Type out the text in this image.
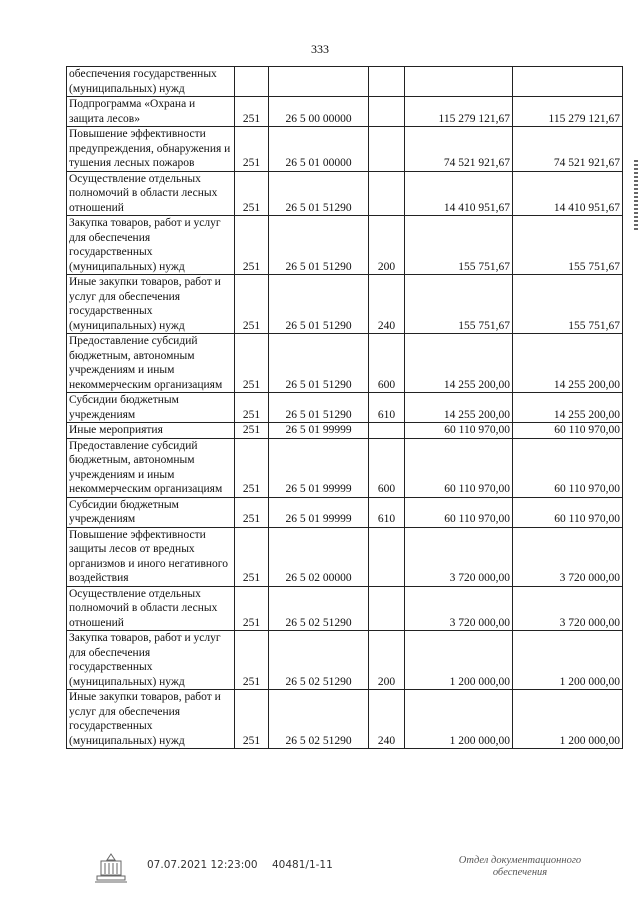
333
обеспечения государственных (муниципальных) нужд					
Подпрограмма «Охрана и защита лесов»	251	26 5 00 00000		115 279 121,67	115 279 121,67
Повышение эффективности предупреждения, обнаружения и тушения лесных пожаров	251	26 5 01 00000		74 521 921,67	74 521 921,67
Осуществление отдельных полномочий в области лесных отношений	251	26 5 01 51290		14 410 951,67	14 410 951,67
Закупка товаров, работ и услуг для обеспечения государственных (муниципальных) нужд	251	26 5 01 51290	200	155 751,67	155 751,67
Иные закупки товаров, работ и услуг для обеспечения государственных (муниципальных) нужд	251	26 5 01 51290	240	155 751,67	155 751,67
Предоставление субсидий бюджетным, автономным учреждениям и иным некоммерческим организациям	251	26 5 01 51290	600	14 255 200,00	14 255 200,00
Субсидии бюджетным учреждениям	251	26 5 01 51290	610	14 255 200,00	14 255 200,00
Иные мероприятия	251	26 5 01 99999		60 110 970,00	60 110 970,00
Предоставление субсидий бюджетным, автономным учреждениям и иным некоммерческим организациям	251	26 5 01 99999	600	60 110 970,00	60 110 970,00
Субсидии бюджетным учреждениям	251	26 5 01 99999	610	60 110 970,00	60 110 970,00
Повышение эффективности защиты лесов от вредных организмов и иного негативного воздействия	251	26 5 02 00000		3 720 000,00	3 720 000,00
Осуществление отдельных полномочий в области лесных отношений	251	26 5 02 51290		3 720 000,00	3 720 000,00
Закупка товаров, работ и услуг для обеспечения государственных (муниципальных) нужд	251	26 5 02 51290	200	1 200 000,00	1 200 000,00
Иные закупки товаров, работ и услуг для обеспечения государственных (муниципальных) нужд	251	26 5 02 51290	240	1 200 000,00	1 200 000,00
07.07.2021 12:23:00 40481/1-11	Отдел документационного обеспечения
